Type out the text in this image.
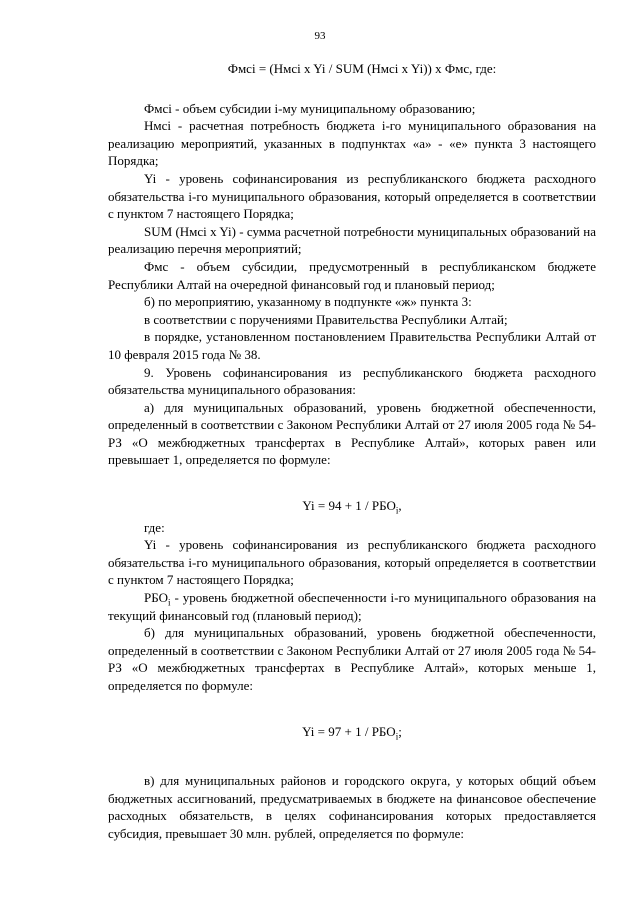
93

Фмсi = (Нмсi x Yi / SUM (Нмсi x Yi)) x Фмс, где:

Фмсi - объем субсидии i-му муниципальному образованию;

Нмсi - расчетная потребность бюджета i-го муниципального образования на реализацию мероприятий, указанных в подпунктах «а» - «е» пункта 3 настоящего Порядка;

Yi - уровень софинансирования из республиканского бюджета расходного обязательства i-го муниципального образования, который определяется в соответствии с пунктом 7 настоящего Порядка;

SUM (Нмсi x Yi) - сумма расчетной потребности муниципальных образований на реализацию перечня мероприятий;

Фмс - объем субсидии, предусмотренный в республиканском бюджете Республики Алтай на очередной финансовый год и плановый период;

б) по мероприятию, указанному в подпункте «ж» пункта 3:

в соответствии с поручениями Правительства Республики Алтай;

в порядке, установленном постановлением Правительства Республики Алтай от 10 февраля 2015 года № 38.

9. Уровень софинансирования из республиканского бюджета расходного обязательства муниципального образования:

а) для муниципальных образований, уровень бюджетной обеспеченности, определенный в соответствии с Законом Республики Алтай от 27 июля 2005 года № 54-РЗ «О межбюджетных трансфертах в Республике Алтай», которых равен или превышает 1, определяется по формуле:

$Yi = 94 + 1 / РБО_i$,

где:

Yi - уровень софинансирования из республиканского бюджета расходного обязательства i-го муниципального образования, который определяется в соответствии с пунктом 7 настоящего Порядка;

$РБО_i$ - уровень бюджетной обеспеченности i-го муниципального образования на текущий финансовый год (плановый период);

б) для муниципальных образований, уровень бюджетной обеспеченности, определенный в соответствии с Законом Республики Алтай от 27 июля 2005 года № 54-РЗ «О межбюджетных трансфертах в Республике Алтай», которых меньше 1, определяется по формуле:

$Yi = 97 + 1 / РБО_i$;

в) для муниципальных районов и городского округа, у которых общий объем бюджетных ассигнований, предусматриваемых в бюджете на финансовое обеспечение расходных обязательств, в целях софинансирования которых предоставляется субсидия, превышает 30 млн. рублей, определяется по формуле:
